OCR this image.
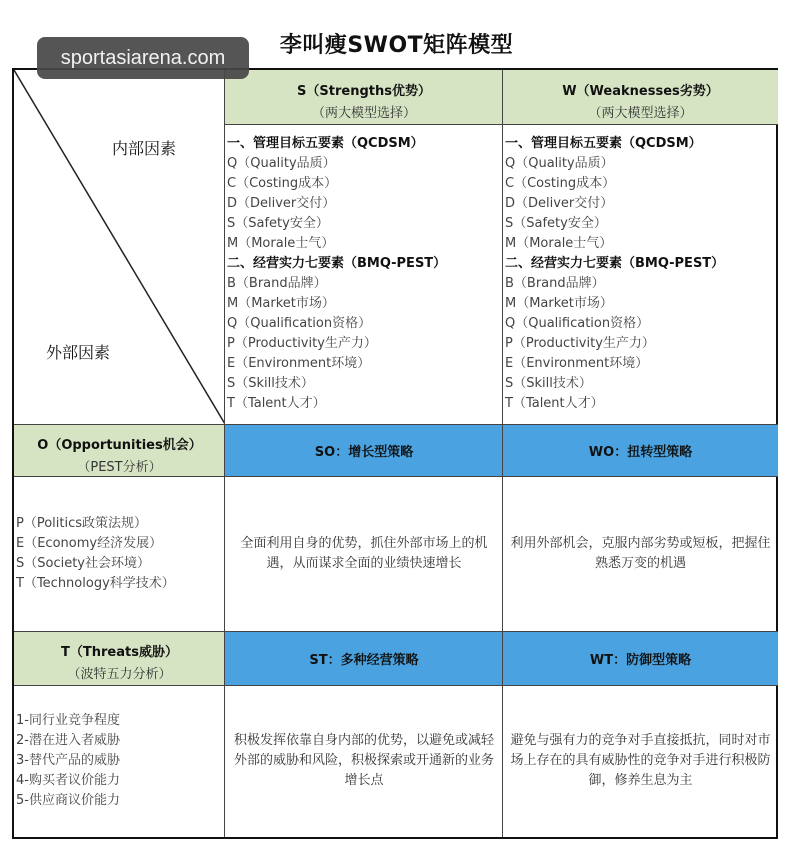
李叫瘦SWOT矩阵模型
内部因素
外部因素
S（Strengths优势）
（两大模型选择）
W（Weaknesses劣势）
（两大模型选择）
一、管理目标五要素（QCDSM）
Q（Quality品质）
C（Costing成本）
D（Deliver交付）
S（Safety安全）
M（Morale士气）
二、经营实力七要素（BMQ-PEST）
B（Brand品牌）
M（Market市场）
Q（Qualification资格）
P（Productivity生产力）
E（Environment环境）
S（Skill技术）
T（Talent人才）
一、管理目标五要素（QCDSM）
Q（Quality品质）
C（Costing成本）
D（Deliver交付）
S（Safety安全）
M（Morale士气）
二、经营实力七要素（BMQ-PEST）
B（Brand品牌）
M（Market市场）
Q（Qualification资格）
P（Productivity生产力）
E（Environment环境）
S（Skill技术）
T（Talent人才）
O（Opportunities机会）
（PEST分析）
SO：增长型策略	WO：扭转型策略
P（Politics政策法规）
E（Economy经济发展）
S（Society社会环境）
T（Technology科学技术）
全面利用自身的优势，抓住外部市场上的机遇，从而谋求全面的业绩快速增长
利用外部机会，克服内部劣势或短板，把握住熟悉万变的机遇
T（Threats威胁）
（波特五力分析）
ST：多种经营策略	WT：防御型策略
1-同行业竞争程度
2-潜在进入者威胁
3-替代产品的威胁
4-购买者议价能力
5-供应商议价能力
积极发挥依靠自身内部的优势，以避免或减轻外部的威胁和风险，积极探索或开通新的业务增长点
避免与强有力的竞争对手直接抵抗，同时对市场上存在的具有威胁性的竞争对手进行积极防御，修养生息为主
sportasiarena.com
